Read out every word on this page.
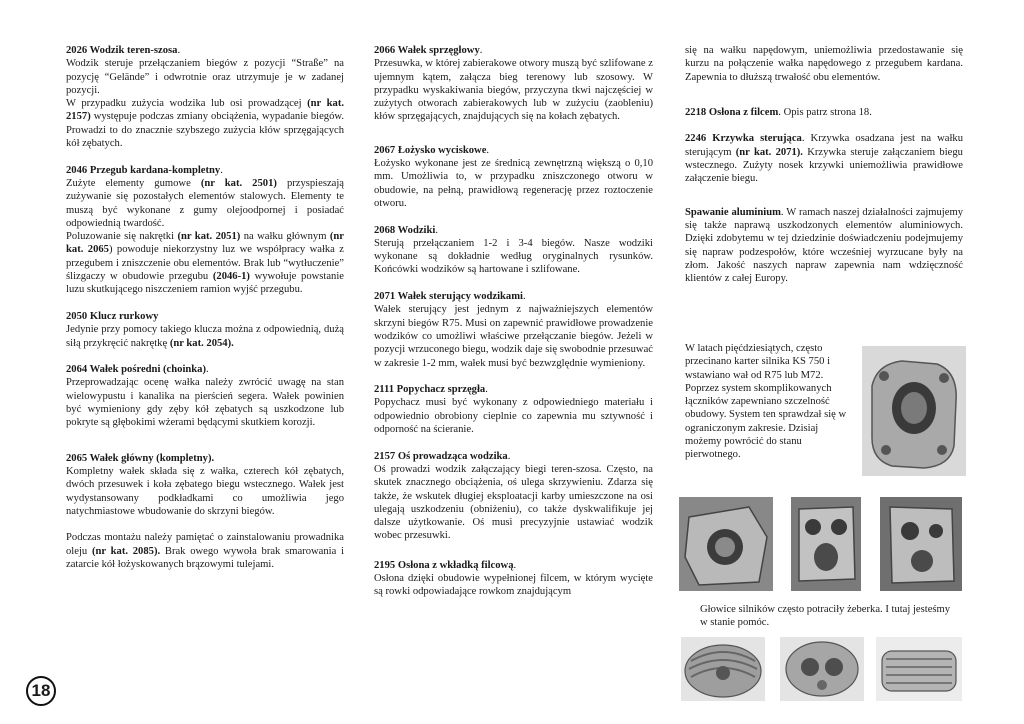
18
2026 Wodzik teren-szosa.

Wodzik steruje przełączaniem biegów z pozycji “Straße” na pozycję “Gelände” i odwrotnie oraz utrzymuje je w zadanej pozycji.

W przypadku zużycia wodzika lub osi prowadzącej (nr kat. 2157) występuje podczas zmiany obciążenia, wypadanie biegów. Prowadzi to do znacznie szybszego zużycia kłów sprzęgających kół zębatych.

2046 Przegub kardana-kompletny.

Zużyte elementy gumowe (nr kat. 2501) przyspieszają zużywanie się pozostałych elementów stalowych. Elementy te muszą być wykonane z gumy olejoodpornej i posiadać odpowiednią twardość.

Poluzowanie się nakrętki (nr kat. 2051) na wałku głównym (nr kat. 2065) powoduje niekorzystny luz we współpracy wałka z przegubem i zniszczenie obu elementów. Brak lub “wytłuczenie” ślizgaczy w obudowie przegubu (2046-1) wywołuje powstanie luzu skutkującego niszczeniem ramion wyjść przegubu.

2050 Klucz rurkowy

Jedynie przy pomocy takiego klucza można z odpowiednią, dużą siłą przykręcić nakrętkę (nr kat. 2054).

2064 Wałek pośredni (choinka).

Przeprowadzając ocenę wałka należy zwrócić uwagę na stan wielowypustu i kanalika na pierścień segera. Wałek powinien być wymieniony gdy zęby kół zębatych są uszkodzone lub pokryte są głębokimi wżerami będącymi skutkiem korozji.

2065 Wałek główny (kompletny).

Kompletny wałek składa się z wałka, czterech kół zębatych, dwóch przesuwek i koła zębatego biegu wstecznego. Wałek jest wydystansowany podkładkami co umożliwia jego natychmiastowe wbudowanie do skrzyni biegów.

Podczas montażu należy pamiętać o zainstalowaniu prowadnika oleju (nr kat. 2085). Brak owego wywoła brak smarowania i zatarcie kół łożyskowanych brązowymi tulejami.

2066 Wałek sprzęgłowy.

Przesuwka, w której zabierakowe otwory muszą być szlifowane z ujemnym kątem, załącza bieg terenowy lub szosowy. W przypadku wyskakiwania biegów, przyczyna tkwi najczęściej w zużytych otworach zabierakowych lub w zużyciu (zaobleniu) kłów sprzęgających, znajdujących się na kołach zębatych.

2067 Łożysko wyciskowe.

Łożysko wykonane jest ze średnicą zewnętrzną większą o 0,10 mm. Umożliwia to, w przypadku zniszczonego otworu w obudowie, na pełną, prawidłową regenerację przez roztoczenie otworu.

2068 Wodziki.

Sterują przełączaniem 1-2 i 3-4 biegów. Nasze wodziki wykonane są dokładnie według oryginalnych rysunków. Końcówki wodzików są hartowane i szlifowane.

2071 Wałek sterujący wodzikami.

Wałek sterujący jest jednym z najważniejszych elementów skrzyni biegów R75. Musi on zapewnić prawidłowe prowadzenie wodzików co umożliwi właściwe przełączanie biegów. Jeżeli w pozycji wrzuconego biegu, wodzik daje się swobodnie przesuwać w zakresie 1-2 mm, wałek musi być bezwzględnie wymieniony.

2111 Popychacz sprzęgła.

Popychacz musi być wykonany z odpowiedniego materiału i odpowiednio obrobiony cieplnie co zapewnia mu sztywność i odporność na ścieranie.

2157 Oś prowadząca wodzika.

Oś prowadzi wodzik załączający biegi teren-szosa. Często, na skutek znacznego obciążenia, oś ulega skrzywieniu. Zdarza się także, że wskutek długiej eksploatacji karby umieszczone na osi ulegają uszkodzeniu (obniżeniu), co także dyskwalifikuje jej dalsze użytkowanie. Oś musi precyzyjnie ustawiać wodzik wobec przesuwki.

2195 Osłona z wkładką filcową.

Osłona dzięki obudowie wypełnionej filcem, w którym wycięte są rowki odpowiadające rowkom znajdującym

się na wałku napędowym, uniemożliwia przedostawanie się kurzu na połączenie wałka napędowego z przegubem kardana. Zapewnia to dłuższą trwałość obu elementów.

2218 Osłona z filcem. Opis patrz strona 18.

2246 Krzywka sterująca. Krzywka osadzana jest na wałku sterującym (nr kat. 2071). Krzywka steruje załączaniem biegu wstecznego. Zużyty nosek krzywki uniemożliwia prawidłowe załączenie biegu.

Spawanie aluminium. W ramach naszej działalności zajmujemy się także naprawą uszkodzonych elementów aluminiowych. Dzięki zdobytemu w tej dziedzinie doświadczeniu podejmujemy się napraw podzespołów, które wcześniej wyrzucane były na złom. Jakość naszych napraw zapewnia nam wdzięczność klientów z całej Europy.

W latach pięćdziesiątych, często przecinano karter silnika KS 750 i wstawiano wał od R75 lub M72. Poprzez system skomplikowanych łączników zapewniano szczelność obudowy. System ten sprawdzał się w ograniczonym zakresie. Dzisiaj możemy powrócić do stanu pierwotnego.
Głowice silników często potraciły żeberka. I tutaj jesteśmy w stanie pomóc.
